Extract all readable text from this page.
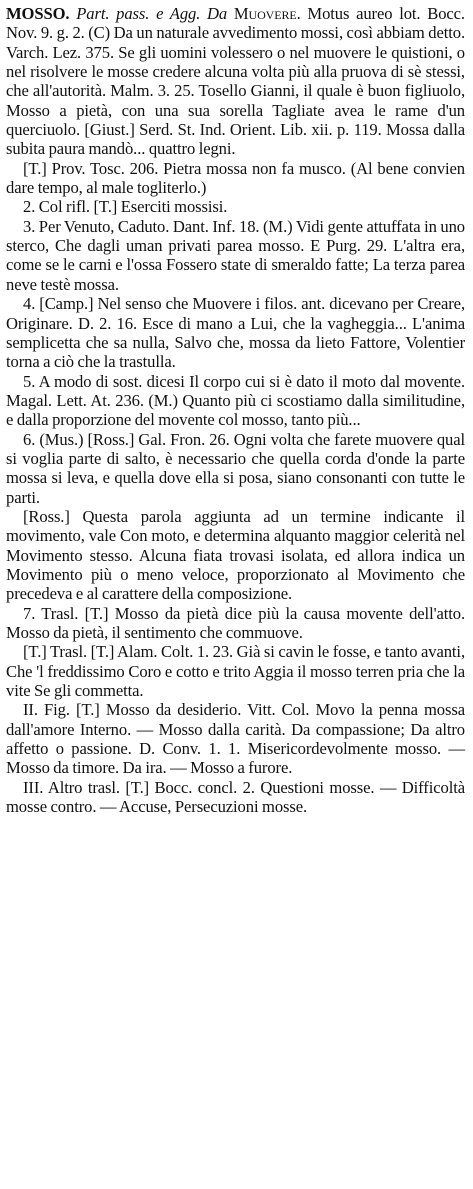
MOSSO. Part. pass. e Agg. Da Muovere. Motus aureo lot. Bocc. Nov. 9. g. 2. (C) Da un naturale avvedimento mossi, così abbiam detto. Varch. Lez. 375. Se gli uomini volessero o nel muovere le quistioni, o nel risolvere le mosse credere alcuna volta più alla pruova di sè stessi, che all'autorità. Malm. 3. 25. Tosello Gianni, il quale è buon figliuolo, Mosso a pietà, con una sua sorella Tagliate avea le rame d'un querciuolo. [Giust.] Serd. St. Ind. Orient. Lib. xii. p. 119. Mossa dalla subita paura mandò... quattro legni.

[T.] Prov. Tosc. 206. Pietra mossa non fa musco. (Al bene convien dare tempo, al male togliterlo.)

2. Col rifl. [T.] Eserciti mossisi.

3. Per Venuto, Caduto. Dant. Inf. 18. (M.) Vidi gente attuffata in uno sterco, Che dagli uman privati parea mosso. E Purg. 29. L'altra era, come se le carni e l'ossa Fossero state di smeraldo fatte; La terza parea neve testè mossa.

4. [Camp.] Nel senso che Muovere i filos. ant. dicevano per Creare, Originare. D. 2. 16. Esce di mano a Lui, che la vagheggia... L'anima semplicetta che sa nulla, Salvo che, mossa da lieto Fattore, Volentier torna a ciò che la trastulla.

5. A modo di sost. dicesi Il corpo cui si è dato il moto dal movente. Magal. Lett. At. 236. (M.) Quanto più ci scostiamo dalla similitudine, e dalla proporzione del movente col mosso, tanto più...

6. (Mus.) [Ross.] Gal. Fron. 26. Ogni volta che farete muovere qual si voglia parte di salto, è necessario che quella corda d'onde la parte mossa si leva, e quella dove ella si posa, siano consonanti con tutte le parti.

[Ross.] Questa parola aggiunta ad un termine indicante il movimento, vale Con moto, e determina alquanto maggior celerità nel Movimento stesso. Alcuna fiata trovasi isolata, ed allora indica un Movimento più o meno veloce, proporzionato al Movimento che precedeva e al carattere della composizione.

7. Trasl. [T.] Mosso da pietà dice più la causa movente dell'atto. Mosso da pietà, il sentimento che commuove.

[T.] Trasl. [T.] Alam. Colt. 1. 23. Già si cavin le fosse, e tanto avanti, Che 'l freddissimo Coro e cotto e trito Aggia il mosso terren pria che la vite Se gli commetta.

II. Fig. [T.] Mosso da desiderio. Vitt. Col. Movo la penna mossa dall'amore Interno. — Mosso dalla carità. Da compassione; Da altro affetto o passione. D. Conv. 1. 1. Misericordevolmente mosso. — Mosso da timore. Da ira. — Mosso a furore.

III. Altro trasl. [T.] Bocc. concl. 2. Questioni mosse. — Difficoltà mosse contro. — Accuse, Persecuzioni mosse.
